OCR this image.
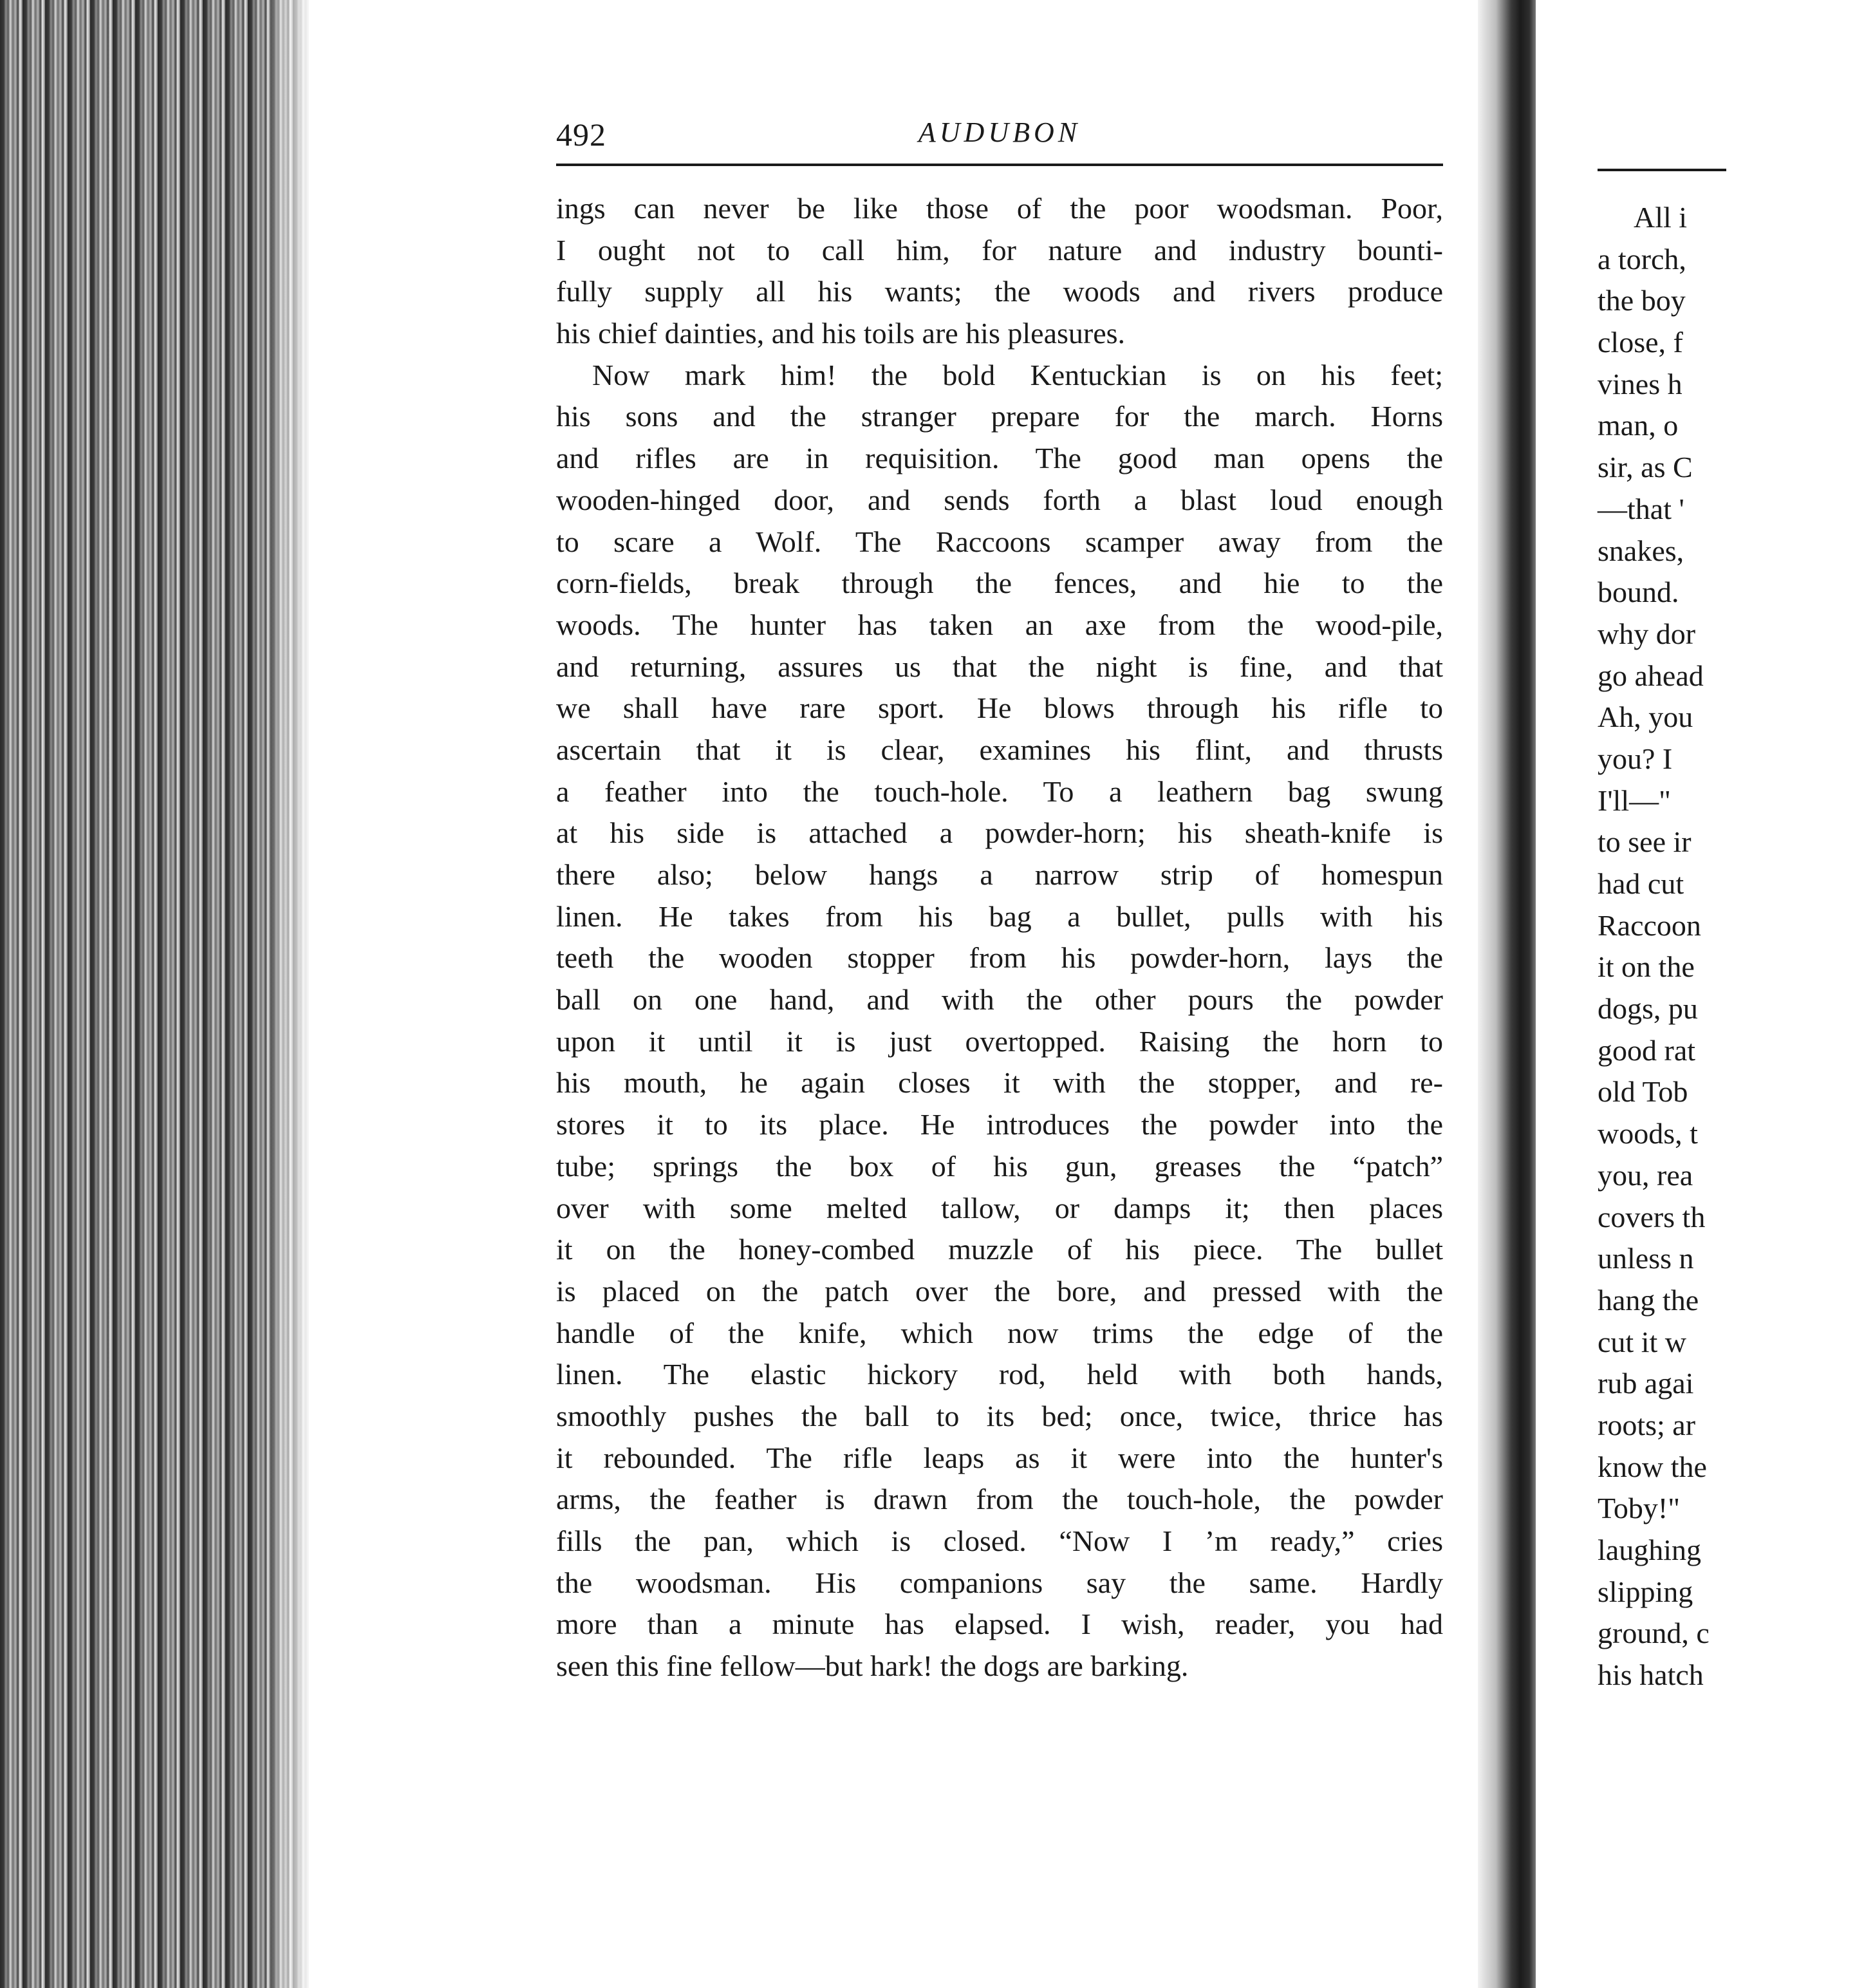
492	AUDUBON
ings can never be like those of the poor woodsman. Poor,
I ought not to call him, for nature and industry bounti-
fully supply all his wants; the woods and rivers produce
his chief dainties, and his toils are his pleasures.
Now mark him! the bold Kentuckian is on his feet;
his sons and the stranger prepare for the march. Horns
and rifles are in requisition. The good man opens the
wooden-hinged door, and sends forth a blast loud enough
to scare a Wolf. The Raccoons scamper away from the
corn-fields, break through the fences, and hie to the
woods. The hunter has taken an axe from the wood-pile,
and returning, assures us that the night is fine, and that
we shall have rare sport. He blows through his rifle to
ascertain that it is clear, examines his flint, and thrusts
a feather into the touch-hole. To a leathern bag swung
at his side is attached a powder-horn; his sheath-knife is
there also; below hangs a narrow strip of homespun
linen. He takes from his bag a bullet, pulls with his
teeth the wooden stopper from his powder-horn, lays the
ball on one hand, and with the other pours the powder
upon it until it is just overtopped. Raising the horn to
his mouth, he again closes it with the stopper, and re-
stores it to its place. He introduces the powder into the
tube; springs the box of his gun, greases the “patch”
over with some melted tallow, or damps it; then places
it on the honey-combed muzzle of his piece. The bullet
is placed on the patch over the bore, and pressed with the
handle of the knife, which now trims the edge of the
linen. The elastic hickory rod, held with both hands,
smoothly pushes the ball to its bed; once, twice, thrice has
it rebounded. The rifle leaps as it were into the hunter's
arms, the feather is drawn from the touch-hole, the powder
fills the pan, which is closed. “Now I ’m ready,” cries
the woodsman. His companions say the same. Hardly
more than a minute has elapsed. I wish, reader, you had
seen this fine fellow—but hark! the dogs are barking.
All i
a torch,
the boy
close, f
vines h
man, o
sir, as C
—that '
snakes,
bound.
why dor
go ahead
Ah, you
you? I
I'll—"
to see ir
had cut
Raccoon
it on the
dogs, pu
good rat
old Tob
woods, t
you, rea
covers th
unless n
hang the
cut it w
rub agai
roots; ar
know the
Toby!"
laughing
slipping
ground, c
his hatch
